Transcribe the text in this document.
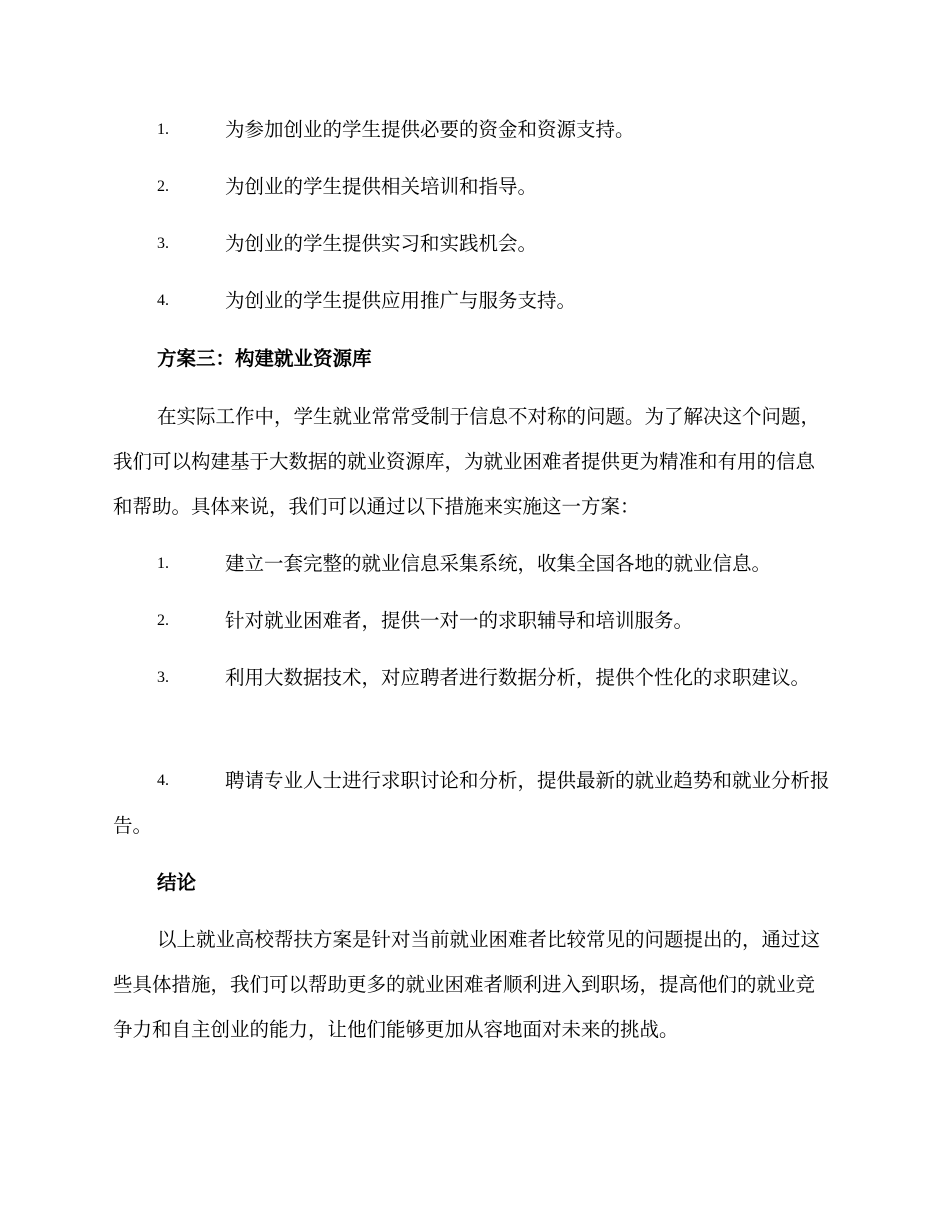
1.	为参加创业的学生提供必要的资金和资源支持。
2.	为创业的学生提供相关培训和指导。
3.	为创业的学生提供实习和实践机会。
4.	为创业的学生提供应用推广与服务支持。
方案三：构建就业资源库

在实际工作中，学生就业常常受制于信息不对称的问题。为了解决这个问题，我们可以构建基于大数据的就业资源库，为就业困难者提供更为精准和有用的信息和帮助。具体来说，我们可以通过以下措施来实施这一方案：

1.	建立一套完整的就业信息采集系统，收集全国各地的就业信息。
2.	针对就业困难者，提供一对一的求职辅导和培训服务。
3.	利用大数据技术，对应聘者进行数据分析，提供个性化的求职建议。
4.	聘请专业人士进行求职讨论和分析，提供最新的就业趋势和就业分析报告。
结论

以上就业高校帮扶方案是针对当前就业困难者比较常见的问题提出的，通过这些具体措施，我们可以帮助更多的就业困难者顺利进入到职场，提高他们的就业竞争力和自主创业的能力，让他们能够更加从容地面对未来的挑战。
